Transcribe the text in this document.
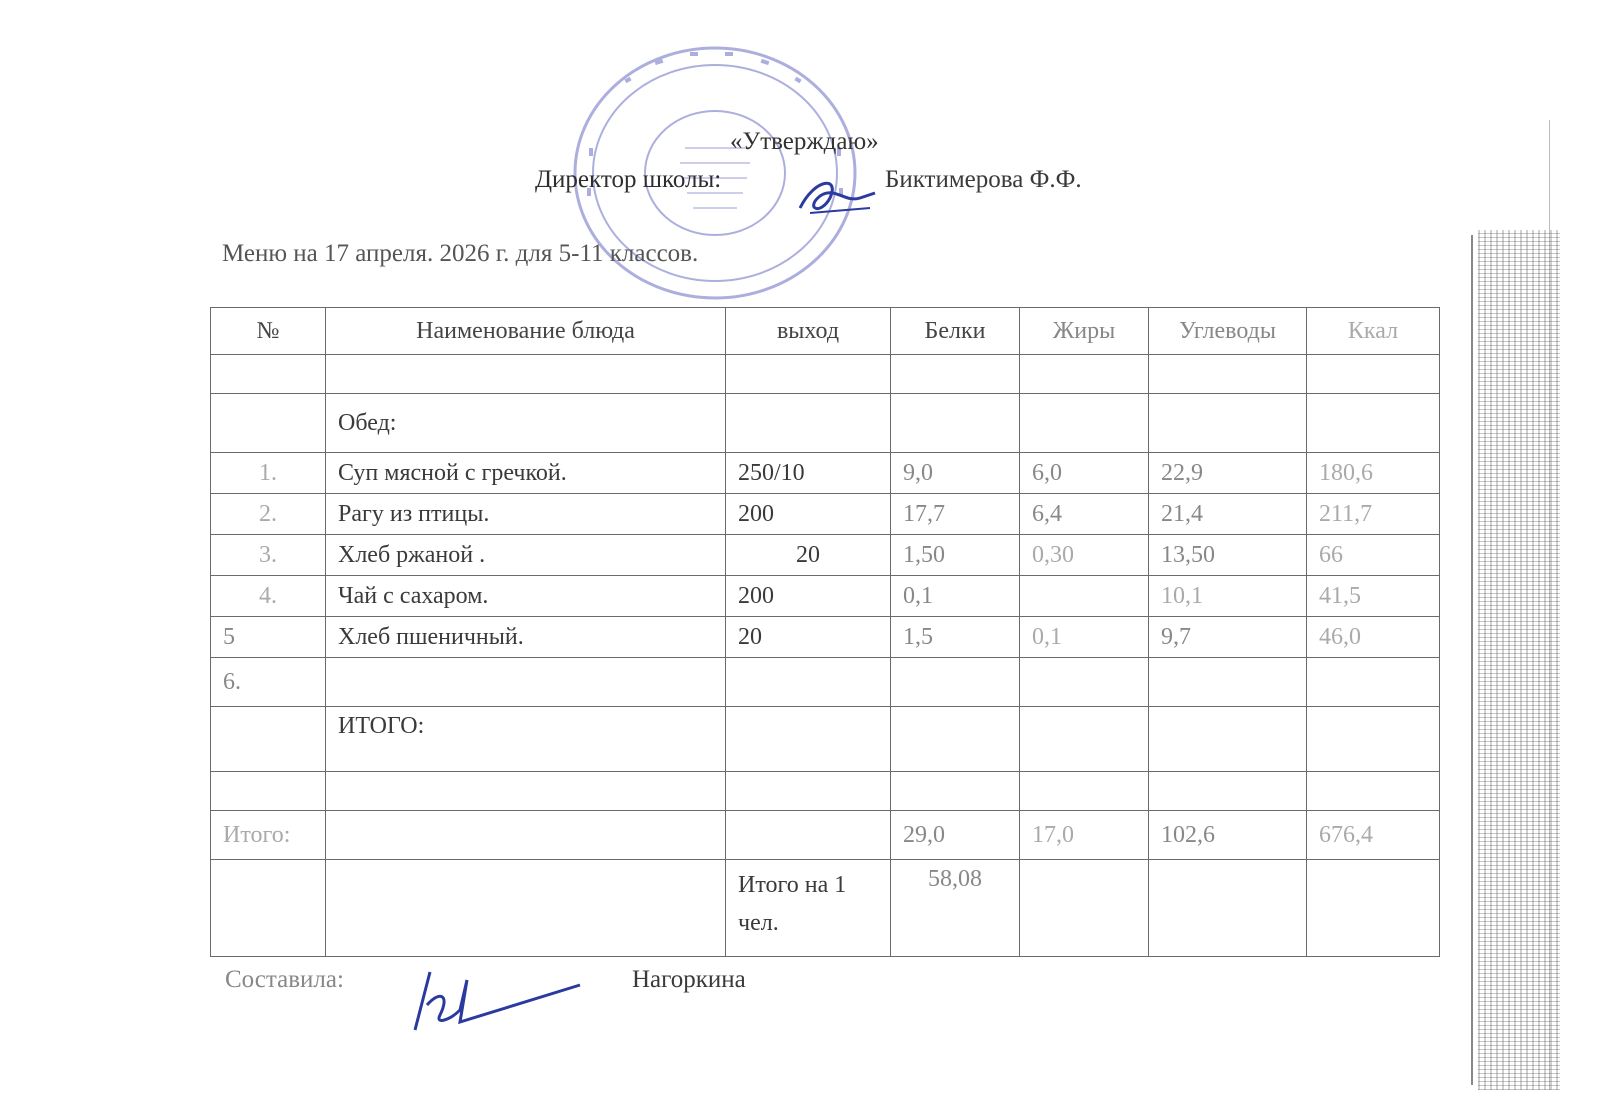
«Утверждаю»
Директор школы:	Биктимерова Ф.Ф.
Меню на 17 апреля. 2026 г. для 5-11 классов.
№	Наименование блюда	выход	Белки	Жиры	Углеводы	Ккал

	Обед:					
1.	Суп мясной с гречкой.	250/10	9,0	6,0	22,9	180,6
2.	Рагу из птицы.	200	17,7	6,4	21,4	211,7
3.	Хлеб ржаной .	20	1,50	0,30	13,50	66
4.	Чай с сахаром.	200	0,1		10,1	41,5
5	Хлеб пшеничный.	20	1,5	0,1	9,7	46,0
6.						
	ИТОГО:					

Итого:			29,0	17,0	102,6	676,4
		Итого на 1 чел.	58,08			
Составила:	Нагоркина
